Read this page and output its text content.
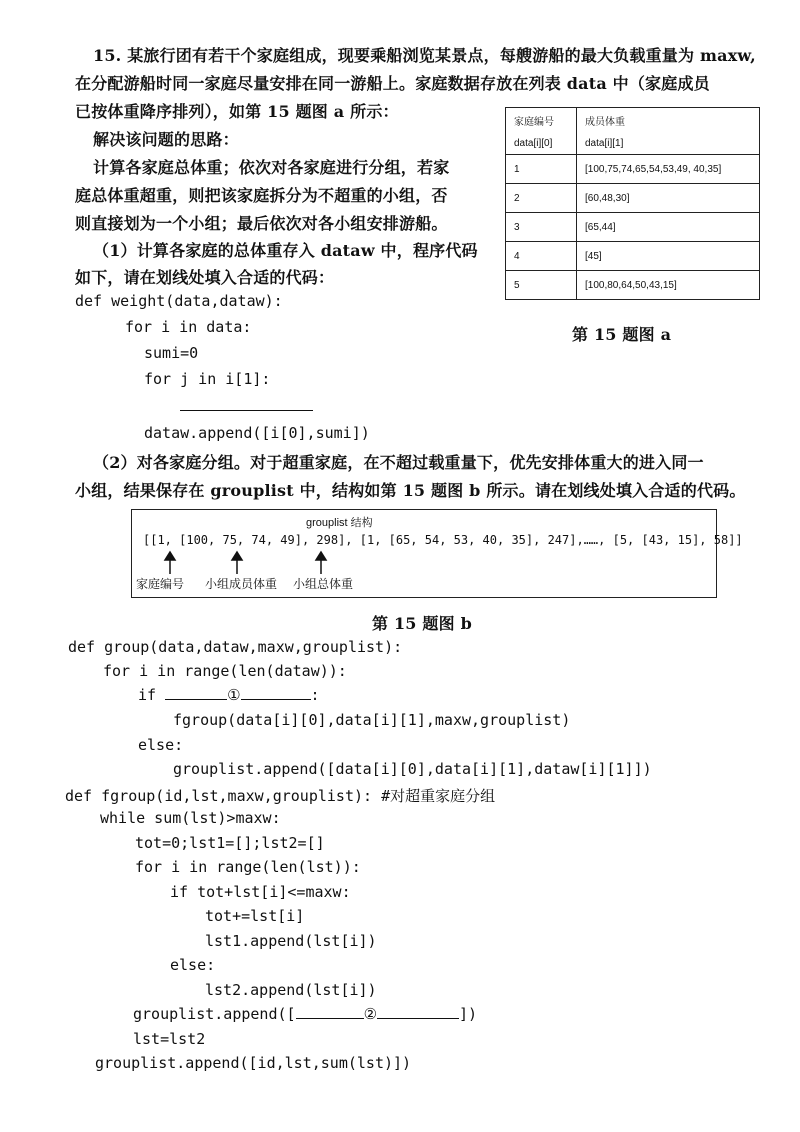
15. 某旅行团有若干个家庭组成，现要乘船浏览某景点，每艘游船的最大负载重量为 maxw,
在分配游船时同一家庭尽量安排在同一游船上。家庭数据存放在列表 data 中（家庭成员
已按体重降序排列），如第 15 题图 a 所示：
解决该问题的思路：
计算各家庭总体重；依次对各家庭进行分组，若家
庭总体重超重，则把该家庭拆分为不超重的小组，否
则直接划为一个小组；最后依次对各小组安排游船。
（1）计算各家庭的总体重存入 dataw 中，程序代码
如下，请在划线处填入合适的代码：
家庭编号	成员体重
data[i][0]	data[i][1]
1	[100,75,74,65,54,53,49, 40,35]
2	[60,48,30]
3	[65,44]
4	[45]
5	[100,80,64,50,43,15]
第 15 题图 a
def weight(data,dataw):
for i in data:
sumi=0
for j in i[1]:
dataw.append([i[0],sumi])
（2）对各家庭分组。对于超重家庭，在不超过载重量下，优先安排体重大的进入同一
小组，结果保存在 grouplist 中，结构如第 15 题图 b 所示。请在划线处填入合适的代码。
grouplist 结构
[[1, [100, 75, 74, 49], 298], [1, [65, 54, 53, 40, 35], 247],……, [5, [43, 15], 58]]
家庭编号 小组成员体重 小组总体重
第 15 题图 b
def group(data,dataw,maxw,grouplist):
for i in range(len(dataw)):
if	①	:
fgroup(data[i][0],data[i][1],maxw,grouplist)
else:
grouplist.append([data[i][0],data[i][1],dataw[i][1]])
def fgroup(id,lst,maxw,grouplist): #对超重家庭分组
while sum(lst)>maxw:
tot=0;lst1=[];lst2=[]
for i in range(len(lst)):
if tot+lst[i]<=maxw:
tot+=lst[i]
lst1.append(lst[i])
else:
lst2.append(lst[i])
grouplist.append([	②	])
lst=lst2
grouplist.append([id,lst,sum(lst)])
